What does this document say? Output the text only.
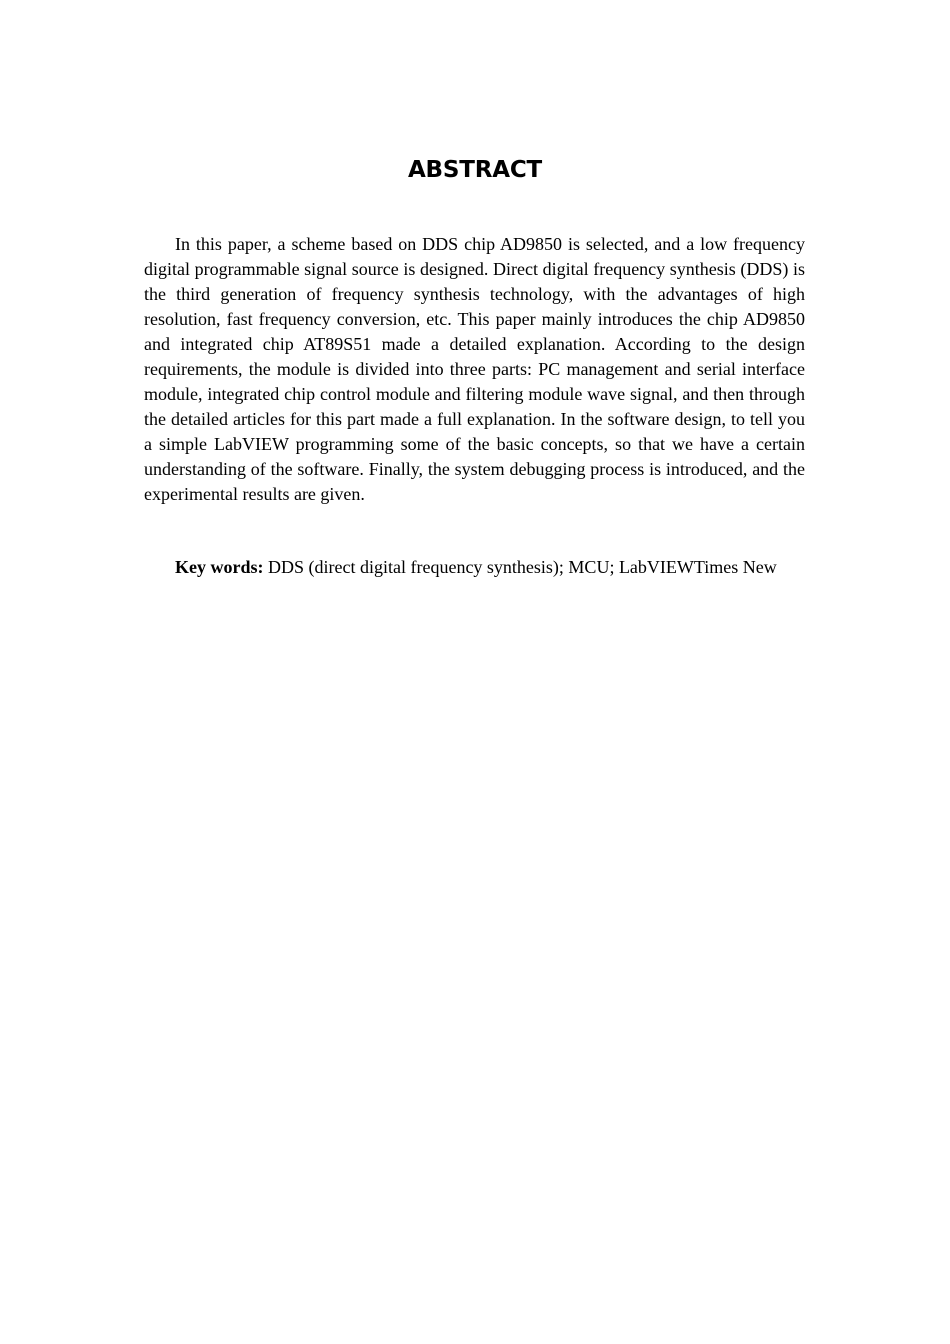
ABSTRACT

In this paper, a scheme based on DDS chip AD9850 is selected, and a low frequency digital programmable signal source is designed. Direct digital frequency synthesis (DDS) is the third generation of frequency synthesis technology, with the advantages of high resolution, fast frequency conversion, etc. This paper mainly introduces the chip AD9850 and integrated chip AT89S51 made a detailed explanation. According to the design requirements, the module is divided into three parts: PC management and serial interface module, integrated chip control module and filtering module wave signal, and then through the detailed articles for this part made a full explanation. In the software design, to tell you a simple LabVIEW programming some of the basic concepts, so that we have a certain understanding of the software. Finally, the system debugging process is introduced, and the experimental results are given.

Key words: DDS (direct digital frequency synthesis); MCU; LabVIEWTimes New
